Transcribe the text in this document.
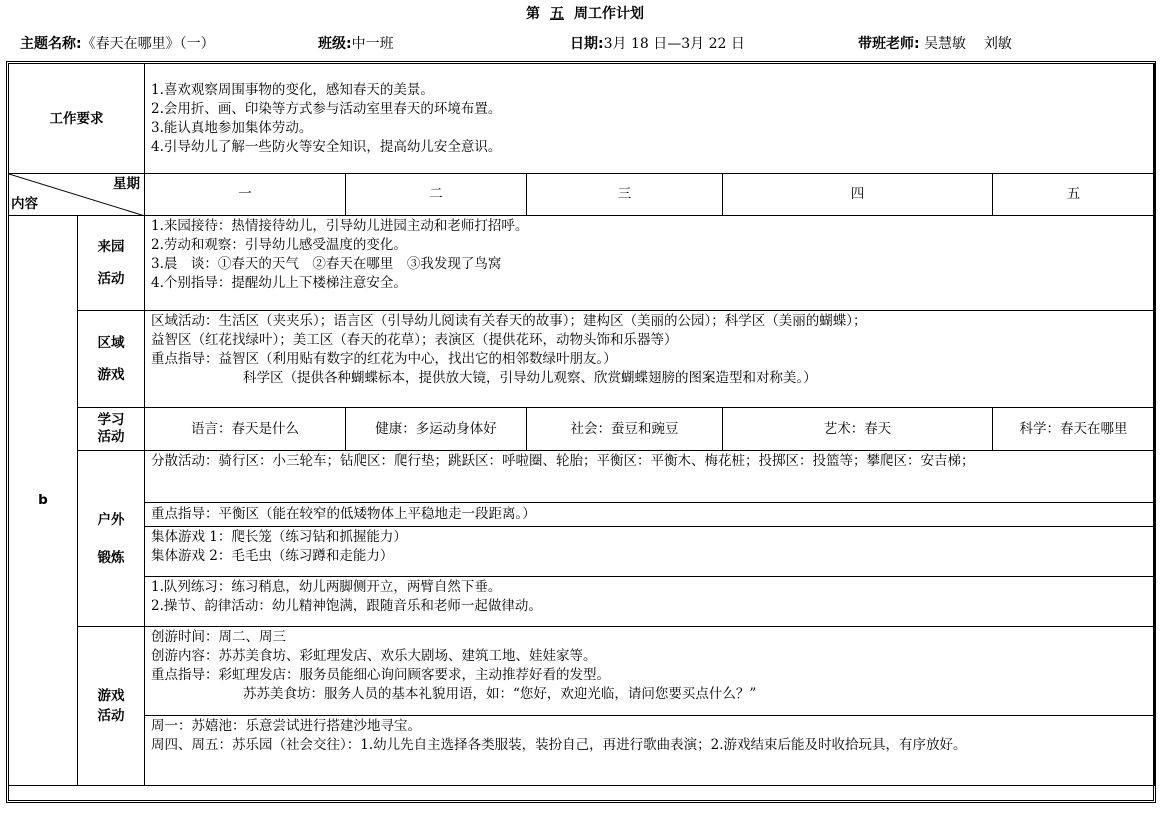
第 五 周工作计划
主题名称:《春天在哪里》（一）	班级:中一班	日期:3月 18 日—3月 22 日	带班老师: 吴慧敏    刘敏
工作要求		1.喜欢观察周围事物的变化，感知春天的美景。
2.会用折、画、印染等方式参与活动室里春天的环境布置。
3.能认真地参加集体劳动。
4.引导幼儿了解一些防火等安全知识，提高幼儿安全意识。				

星期
内容		一	二	三	四	五
b	来园活动	1.来园接待：热情接待幼儿，引导幼儿进园主动和老师打招呼。
2.劳动和观察：引导幼儿感受温度的变化。
3.晨　谈：①春天的天气　②春天在哪里　③我发现了鸟窝
4.个别指导：提醒幼儿上下楼梯注意安全。				

	区域游戏	区域活动：生活区（夹夹乐）；语言区（引导幼儿阅读有关春天的故事）；建构区（美丽的公园）；科学区（美丽的蝴蝶）；
益智区（红花找绿叶）；美工区（春天的花草）；表演区（提供花环，动物头饰和乐器等）
重点指导：益智区（利用贴有数字的红花为中心，找出它的相邻数绿叶朋友。）
科学区（提供各种蝴蝶标本，提供放大镜，引导幼儿观察、欣赏蝴蝶翅膀的图案造型和对称美。）				

	学习活动	语言：春天是什么	健康：多运动身体好	社会：蚕豆和豌豆	艺术：春天	科学：春天在哪里
	户外锻炼	分散活动：骑行区：小三轮车；钻爬区：爬行垫；跳跃区：呼啦圈、轮胎；平衡区：平衡木、梅花桩；投掷区：投篮等；攀爬区：安吉梯；				
		重点指导：平衡区（能在较窄的低矮物体上平稳地走一段距离。）				

		集体游戏 1：爬长笼（练习钻和抓握能力）
集体游戏 2：毛毛虫（练习蹲和走能力）				

		1.队列练习：练习稍息，幼儿两脚侧开立，两臂自然下垂。
2.操节、韵律活动：幼儿精神饱满，跟随音乐和老师一起做律动。				

	游戏活动	创游时间：周二、周三
创游内容：苏苏美食坊、彩虹理发店、欢乐大剧场、建筑工地、娃娃家等。
重点指导：彩虹理发店：服务员能细心询问顾客要求，主动推荐好看的发型。
苏苏美食坊：服务人员的基本礼貌用语，如：“您好，欢迎光临，请问您要买点什么？”				

		周一：苏嬉池：乐意尝试进行搭建沙地寻宝。
周四、周五：苏乐园（社会交往）：1.幼儿先自主选择各类服装，装扮自己，再进行歌曲表演；2.游戏结束后能及时收拾玩具，有序放好。				
